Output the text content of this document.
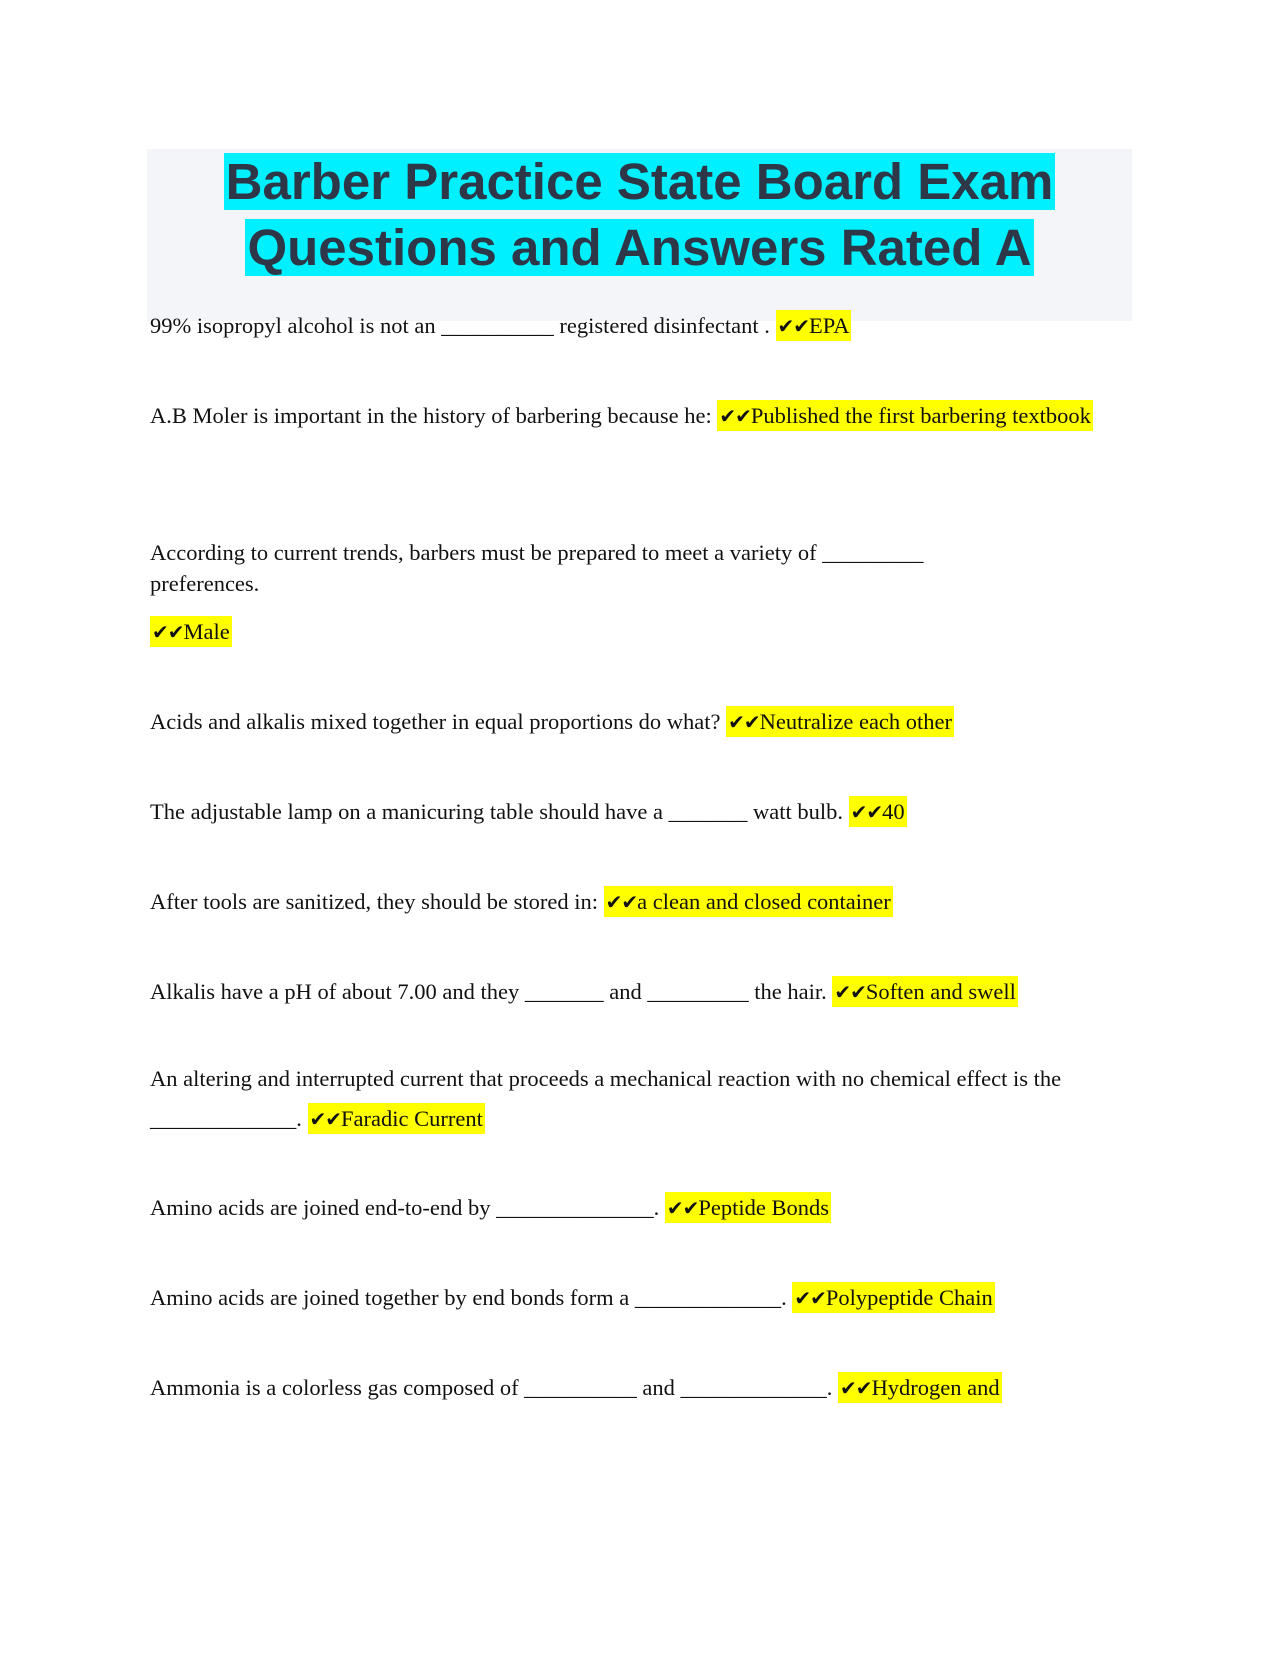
Barber Practice State Board Exam
Questions and Answers Rated A

99% isopropyl alcohol is not an __________ registered disinfectant . ✔✔EPA

A.B Moler is important in the history of barbering because he: ✔✔Published the first barbering textbook

According to current trends, barbers must be prepared to meet a variety of _________ preferences.

✔✔Male

Acids and alkalis mixed together in equal proportions do what? ✔✔Neutralize each other

The adjustable lamp on a manicuring table should have a _______ watt bulb. ✔✔40

After tools are sanitized, they should be stored in: ✔✔a clean and closed container

Alkalis have a pH of about 7.00 and they _______ and _________ the hair. ✔✔Soften and swell

An altering and interrupted current that proceeds a mechanical reaction with no chemical effect is the _____________. ✔✔Faradic Current

Amino acids are joined end-to-end by ______________. ✔✔Peptide Bonds

Amino acids are joined together by end bonds form a _____________. ✔✔Polypeptide Chain

Ammonia is a colorless gas composed of __________ and _____________. ✔✔Hydrogen and
